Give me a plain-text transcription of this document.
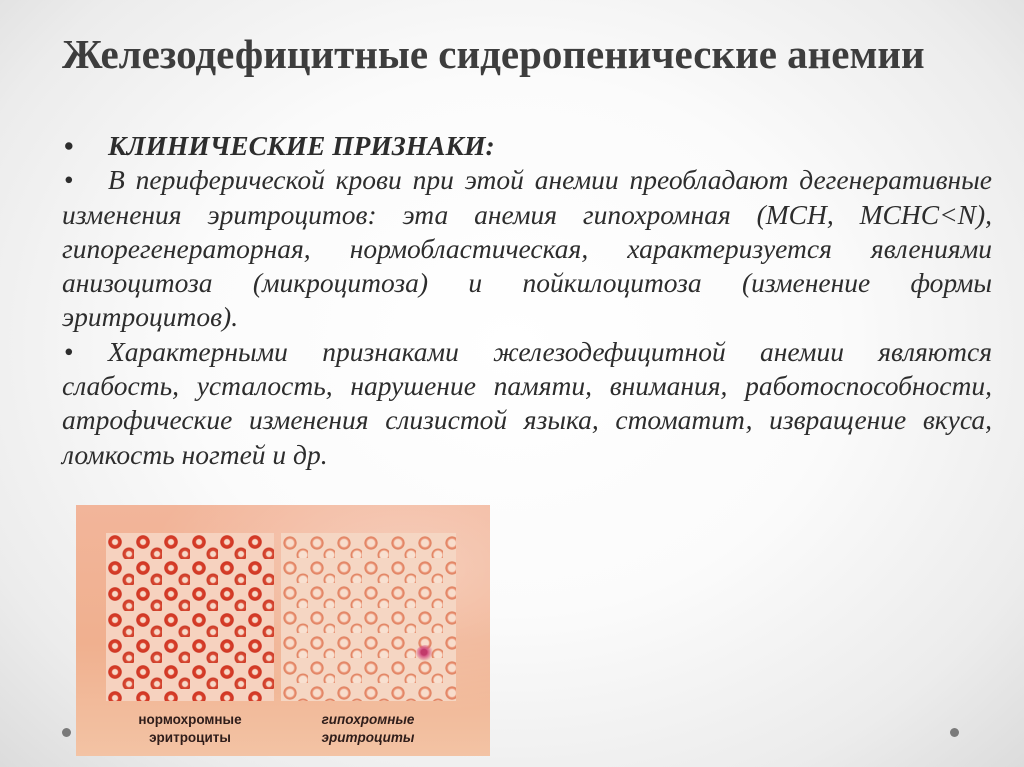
Железодефицитные сидеропенические анемии

• КЛИНИЧЕСКИЕ ПРИЗНАКИ:

• В периферической крови при этой анемии преобладают дегенеративные изменения эритроцитов: эта анемия гипохромная (МСН, МСНС<N), гипорегенераторная, нормобластическая, характеризуется явлениями анизоцитоза (микроцитоза) и пойкилоцитоза (изменение формы эритроцитов).

• Характерными признаками железодефицитной анемии являются слабость, усталость, нарушение памяти, внимания, работоспособности, атрофические изменения слизистой языка, стоматит, извращение вкуса, ломкость ногтей и др.

нормохромные эритроциты
гипохромные эритроциты
